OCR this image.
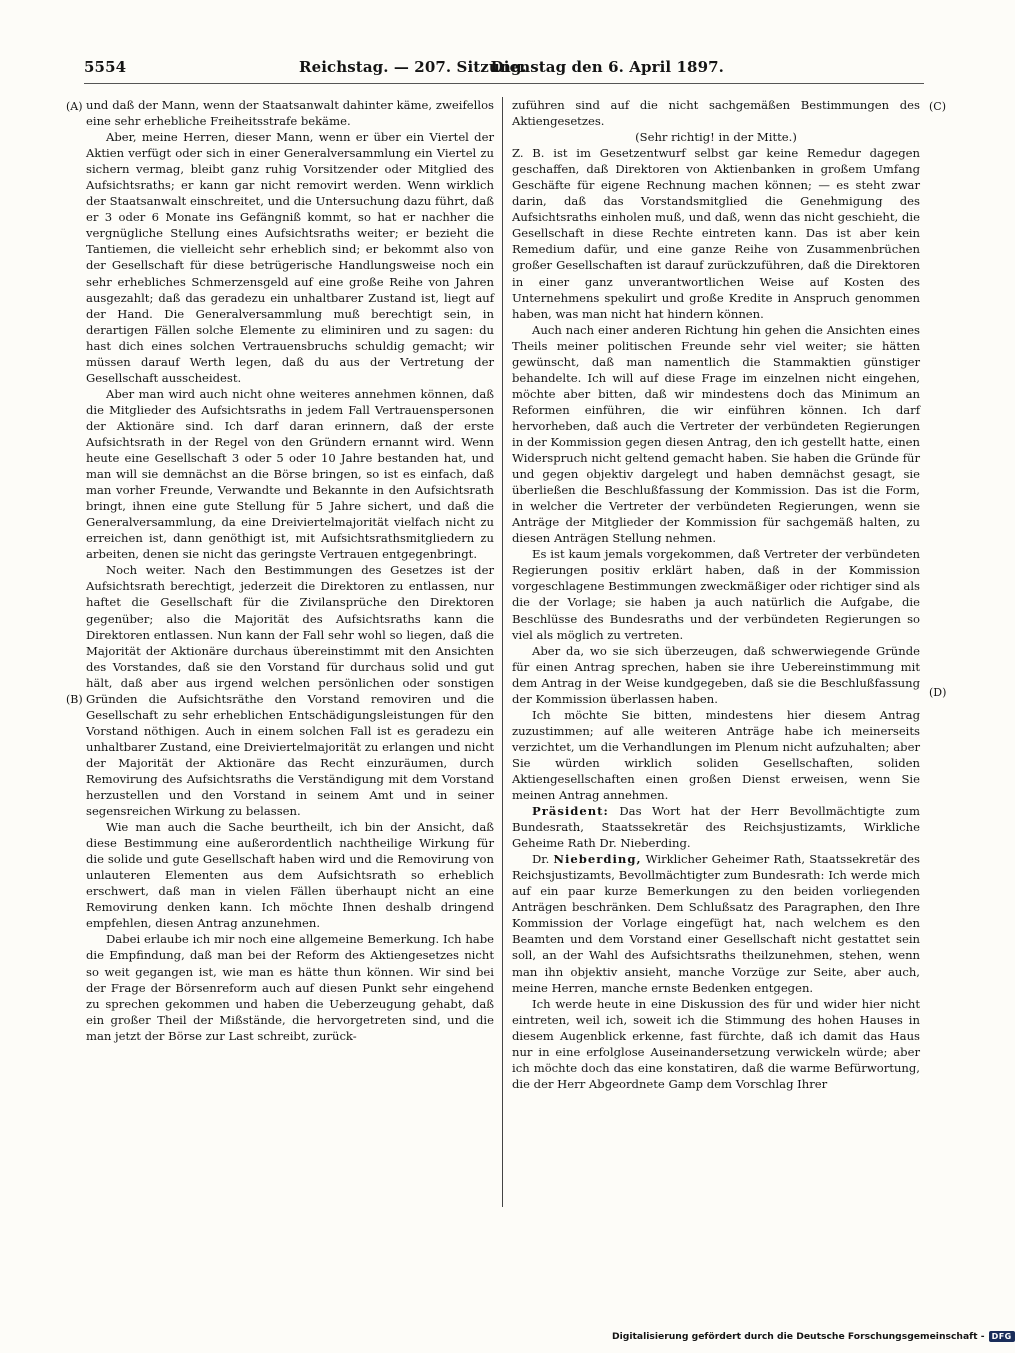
5554	Reichstag. — 207. Sitzung.
Dienstag den 6. April 1897.
(A)
(B)
(C)
(D)

und daß der Mann, wenn der Staatsanwalt dahinter käme, zweifellos eine sehr erhebliche Freiheitsstrafe bekäme.

Aber, meine Herren, dieser Mann, wenn er über ein Viertel der Aktien verfügt oder sich in einer Generalversammlung ein Viertel zu sichern vermag, bleibt ganz ruhig Vorsitzender oder Mitglied des Aufsichtsraths; er kann gar nicht removirt werden. Wenn wirklich der Staatsanwalt einschreitet, und die Untersuchung dazu führt, daß er 3 oder 6 Monate ins Gefängniß kommt, so hat er nachher die vergnügliche Stellung eines Aufsichtsraths weiter; er bezieht die Tantiemen, die vielleicht sehr erheblich sind; er bekommt also von der Gesellschaft für diese betrügerische Handlungsweise noch ein sehr erhebliches Schmerzensgeld auf eine große Reihe von Jahren ausgezahlt; daß das geradezu ein unhaltbarer Zustand ist, liegt auf der Hand. Die Generalversammlung muß berechtigt sein, in derartigen Fällen solche Elemente zu eliminiren und zu sagen: du hast dich eines solchen Vertrauensbruchs schuldig gemacht; wir müssen darauf Werth legen, daß du aus der Vertretung der Gesellschaft ausscheidest.

Aber man wird auch nicht ohne weiteres annehmen können, daß die Mitglieder des Aufsichtsraths in jedem Fall Vertrauenspersonen der Aktionäre sind. Ich darf daran erinnern, daß der erste Aufsichtsrath in der Regel von den Gründern ernannt wird. Wenn heute eine Gesellschaft 3 oder 5 oder 10 Jahre bestanden hat, und man will sie demnächst an die Börse bringen, so ist es einfach, daß man vorher Freunde, Verwandte und Bekannte in den Aufsichtsrath bringt, ihnen eine gute Stellung für 5 Jahre sichert, und daß die Generalversammlung, da eine Dreiviertelmajorität vielfach nicht zu erreichen ist, dann genöthigt ist, mit Aufsichtsrathsmitgliedern zu arbeiten, denen sie nicht das geringste Vertrauen entgegenbringt.

Noch weiter. Nach den Bestimmungen des Gesetzes ist der Aufsichtsrath berechtigt, jederzeit die Direktoren zu entlassen, nur haftet die Gesellschaft für die Zivilansprüche den Direktoren gegenüber; also die Majorität des Aufsichtsraths kann die Direktoren entlassen. Nun kann der Fall sehr wohl so liegen, daß die Majorität der Aktionäre durchaus übereinstimmt mit den Ansichten des Vorstandes, daß sie den Vorstand für durchaus solid und gut hält, daß aber aus irgend welchen persönlichen oder sonstigen Gründen die Aufsichtsräthe den Vorstand removiren und die Gesellschaft zu sehr erheblichen Entschädigungsleistungen für den Vorstand nöthigen. Auch in einem solchen Fall ist es geradezu ein unhaltbarer Zustand, eine Dreiviertelmajorität zu erlangen und nicht der Majorität der Aktionäre das Recht einzuräumen, durch Removirung des Aufsichtsraths die Verständigung mit dem Vorstand herzustellen und den Vorstand in seinem Amt und in seiner segensreichen Wirkung zu belassen.

Wie man auch die Sache beurtheilt, ich bin der Ansicht, daß diese Bestimmung eine außerordentlich nachtheilige Wirkung für die solide und gute Gesellschaft haben wird und die Removirung von unlauteren Elementen aus dem Aufsichtsrath so erheblich erschwert, daß man in vielen Fällen überhaupt nicht an eine Removirung denken kann. Ich möchte Ihnen deshalb dringend empfehlen, diesen Antrag anzunehmen.

Dabei erlaube ich mir noch eine allgemeine Bemerkung. Ich habe die Empfindung, daß man bei der Reform des Aktiengesetzes nicht so weit gegangen ist, wie man es hätte thun können. Wir sind bei der Frage der Börsenreform auch auf diesen Punkt sehr eingehend zu sprechen gekommen und haben die Ueberzeugung gehabt, daß ein großer Theil der Mißstände, die hervorgetreten sind, und die man jetzt der Börse zur Last schreibt, zurück-

zuführen sind auf die nicht sachgemäßen Bestimmungen des Aktiengesetzes.

(Sehr richtig! in der Mitte.)

Z. B. ist im Gesetzentwurf selbst gar keine Remedur dagegen geschaffen, daß Direktoren von Aktienbanken in großem Umfang Geschäfte für eigene Rechnung machen können; — es steht zwar darin, daß das Vorstandsmitglied die Genehmigung des Aufsichtsraths einholen muß, und daß, wenn das nicht geschieht, die Gesellschaft in diese Rechte eintreten kann. Das ist aber kein Remedium dafür, und eine ganze Reihe von Zusammenbrüchen großer Gesellschaften ist darauf zurückzuführen, daß die Direktoren in einer ganz unverantwortlichen Weise auf Kosten des Unternehmens spekulirt und große Kredite in Anspruch genommen haben, was man nicht hat hindern können.

Auch nach einer anderen Richtung hin gehen die Ansichten eines Theils meiner politischen Freunde sehr viel weiter; sie hätten gewünscht, daß man namentlich die Stammaktien günstiger behandelte. Ich will auf diese Frage im einzelnen nicht eingehen, möchte aber bitten, daß wir mindestens doch das Minimum an Reformen einführen, die wir einführen können. Ich darf hervorheben, daß auch die Vertreter der verbündeten Regierungen in der Kommission gegen diesen Antrag, den ich gestellt hatte, einen Widerspruch nicht geltend gemacht haben. Sie haben die Gründe für und gegen objektiv dargelegt und haben demnächst gesagt, sie überließen die Beschlußfassung der Kommission. Das ist die Form, in welcher die Vertreter der verbündeten Regierungen, wenn sie Anträge der Mitglieder der Kommission für sachgemäß halten, zu diesen Anträgen Stellung nehmen.

Es ist kaum jemals vorgekommen, daß Vertreter der verbündeten Regierungen positiv erklärt haben, daß in der Kommission vorgeschlagene Bestimmungen zweckmäßiger oder richtiger sind als die der Vorlage; sie haben ja auch natürlich die Aufgabe, die Beschlüsse des Bundesraths und der verbündeten Regierungen so viel als möglich zu vertreten.

Aber da, wo sie sich überzeugen, daß schwerwiegende Gründe für einen Antrag sprechen, haben sie ihre Uebereinstimmung mit dem Antrag in der Weise kundgegeben, daß sie die Beschlußfassung der Kommission überlassen haben.

Ich möchte Sie bitten, mindestens hier diesem Antrag zuzustimmen; auf alle weiteren Anträge habe ich meinerseits verzichtet, um die Verhandlungen im Plenum nicht aufzuhalten; aber Sie würden wirklich soliden Gesellschaften, soliden Aktiengesellschaften einen großen Dienst erweisen, wenn Sie meinen Antrag annehmen.

Präsident: Das Wort hat der Herr Bevollmächtigte zum Bundesrath, Staatssekretär des Reichsjustizamts, Wirkliche Geheime Rath Dr. Nieberding.

Dr. Nieberding, Wirklicher Geheimer Rath, Staatssekretär des Reichsjustizamts, Bevollmächtigter zum Bundesrath: Ich werde mich auf ein paar kurze Bemerkungen zu den beiden vorliegenden Anträgen beschränken. Dem Schlußsatz des Paragraphen, den Ihre Kommission der Vorlage eingefügt hat, nach welchem es den Beamten und dem Vorstand einer Gesellschaft nicht gestattet sein soll, an der Wahl des Aufsichtsraths theilzunehmen, stehen, wenn man ihn objektiv ansieht, manche Vorzüge zur Seite, aber auch, meine Herren, manche ernste Bedenken entgegen.

Ich werde heute in eine Diskussion des für und wider hier nicht eintreten, weil ich, soweit ich die Stimmung des hohen Hauses in diesem Augenblick erkenne, fast fürchte, daß ich damit das Haus nur in eine erfolglose Auseinandersetzung verwickeln würde; aber ich möchte doch das eine konstatiren, daß die warme Befürwortung, die der Herr Abgeordnete Gamp dem Vorschlag Ihrer

Digitalisierung gefördert durch die Deutsche Forschungsgemeinschaft - DFG
